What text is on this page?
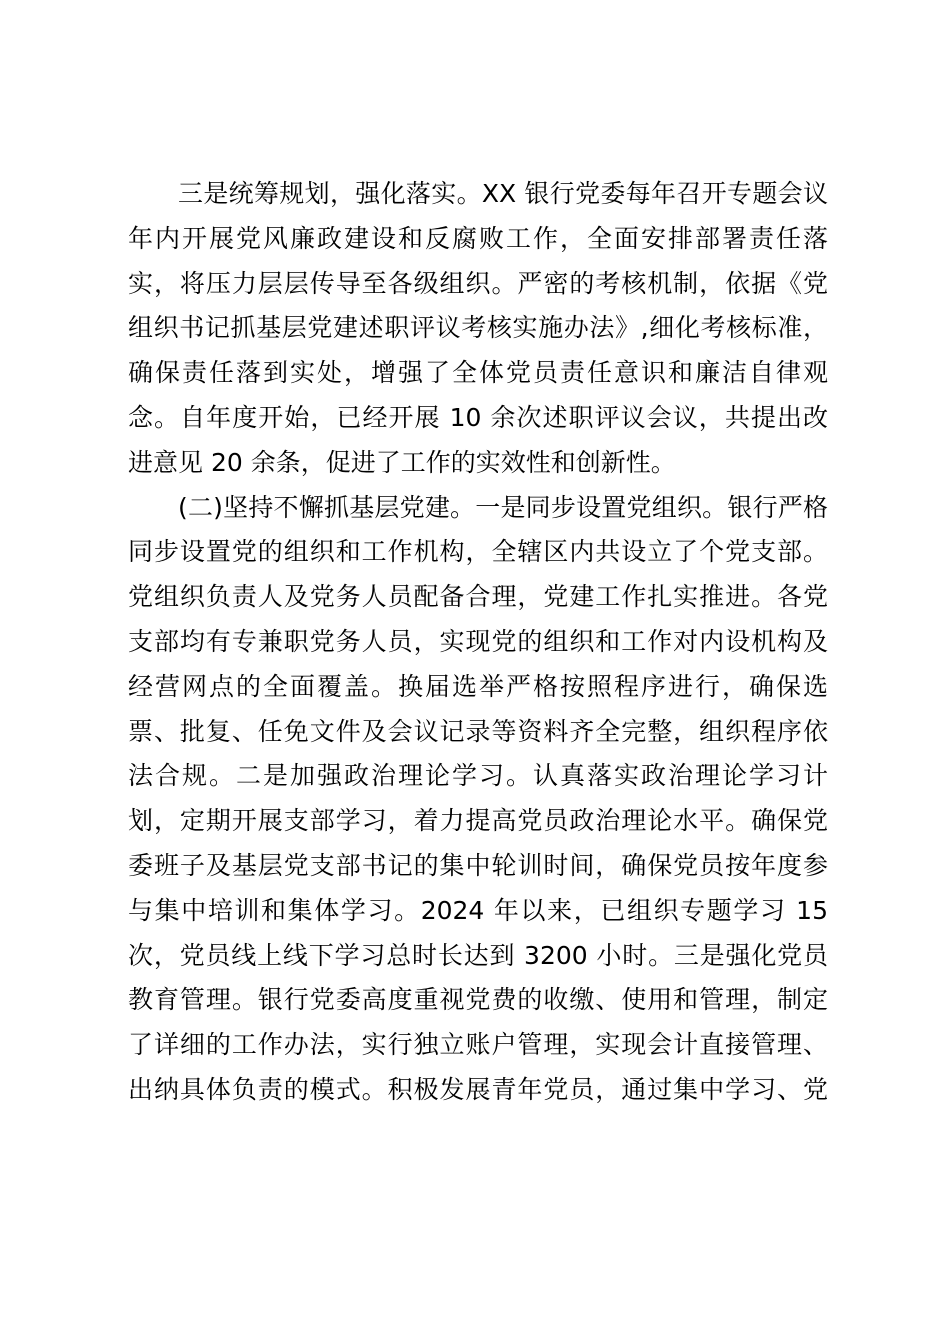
三是统筹规划，强化落实。XX 银行党委每年召开专题会议
年内开展党风廉政建设和反腐败工作，全面安排部署责任落
实，将压力层层传导至各级组织。严密的考核机制，依据《党
组织书记抓基层党建述职评议考核实施办法》,细化考核标准，
确保责任落到实处，增强了全体党员责任意识和廉洁自律观
念。自年度开始，已经开展 10 余次述职评议会议，共提出改
进意见 20 余条，促进了工作的实效性和创新性。
(二)坚持不懈抓基层党建。一是同步设置党组织。银行严格
同步设置党的组织和工作机构，全辖区内共设立了个党支部。
党组织负责人及党务人员配备合理，党建工作扎实推进。各党
支部均有专兼职党务人员，实现党的组织和工作对内设机构及
经营网点的全面覆盖。换届选举严格按照程序进行，确保选
票、批复、任免文件及会议记录等资料齐全完整，组织程序依
法合规。二是加强政治理论学习。认真落实政治理论学习计
划，定期开展支部学习，着力提高党员政治理论水平。确保党
委班子及基层党支部书记的集中轮训时间，确保党员按年度参
与集中培训和集体学习。2024 年以来，已组织专题学习 15
次，党员线上线下学习总时长达到 3200 小时。三是强化党员
教育管理。银行党委高度重视党费的收缴、使用和管理，制定
了详细的工作办法，实行独立账户管理，实现会计直接管理、
出纳具体负责的模式。积极发展青年党员，通过集中学习、党
